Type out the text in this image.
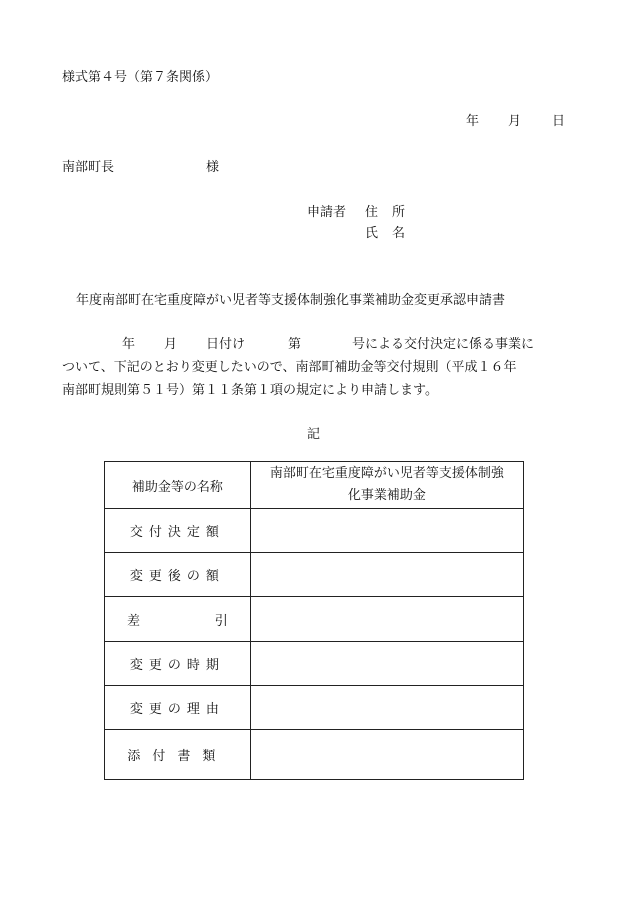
様式第４号（第７条関係）
年 月 日
南部町長	様
申請者 住所
氏名
年度南部町在宅重度障がい児者等支援体制強化事業補助金変更承認申請書
年 月 日付け	第	号による交付決定に係る事業に
ついて、下記のとおり変更したいので、南部町補助金等交付規則（平成１６年
南部町規則第５１号）第１１条第１項の規定により申請します。
記
補助金等の名称	南部町在宅重度障がい児者等支援体制強
化事業補助金

交付決定額	
変更後の額	

差 引	

変更の時期	
変更の理由	
添付書類	
